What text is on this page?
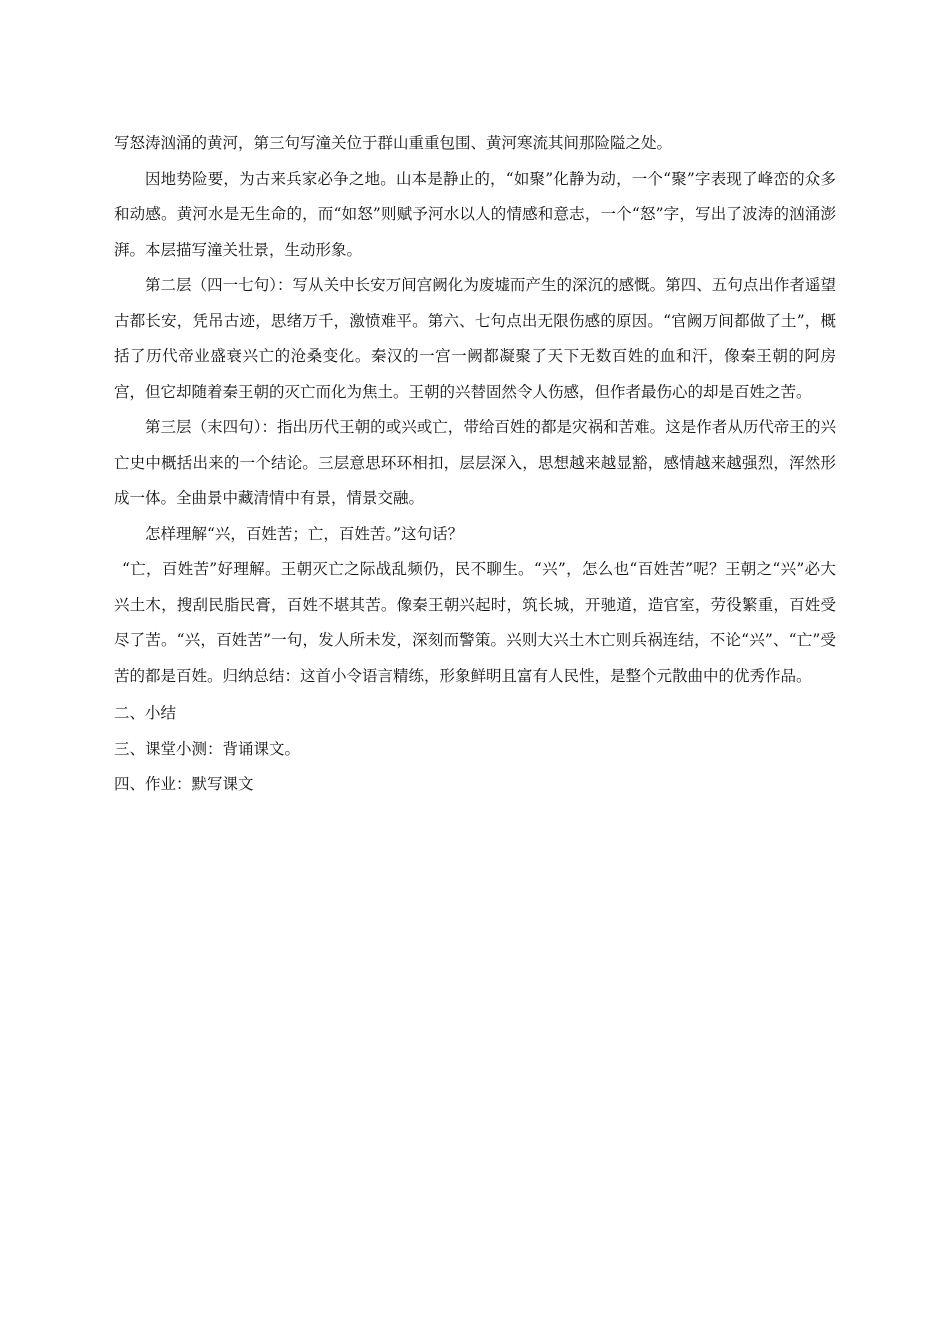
写怒涛汹涌的黄河，第三句写潼关位于群山重重包围、黄河寒流其间那险隘之处。

因地势险要，为古来兵家必争之地。山本是静止的，“如聚”化静为动，一个“聚”字表现了峰峦的众多和动感。黄河水是无生命的，而“如怒”则赋予河水以人的情感和意志，一个“怒”字，写出了波涛的汹涌澎湃。本层描写潼关壮景，生动形象。

第二层（四一七句）：写从关中长安万间宫阙化为废墟而产生的深沉的感慨。第四、五句点出作者遥望古都长安，凭吊古迹，思绪万千，激愤难平。第六、七句点出无限伤感的原因。“官阙万间都做了土”，概括了历代帝业盛衰兴亡的沧桑变化。秦汉的一宫一阙都凝聚了天下无数百姓的血和汗，像秦王朝的阿房宫，但它却随着秦王朝的灭亡而化为焦土。王朝的兴替固然令人伤感，但作者最伤心的却是百姓之苦。

第三层（末四句）：指出历代王朝的或兴或亡，带给百姓的都是灾祸和苦难。这是作者从历代帝王的兴亡史中概括出来的一个结论。三层意思环环相扣，层层深入，思想越来越显豁，感情越来越强烈，浑然形成一体。全曲景中藏清情中有景，情景交融。

怎样理解“兴，百姓苦；亡，百姓苦。”这句话？

“亡，百姓苦”好理解。王朝灭亡之际战乱频仍，民不聊生。“兴”，怎么也“百姓苦”呢？王朝之“兴”必大兴土木，搜刮民脂民膏，百姓不堪其苦。像秦王朝兴起时，筑长城，开驰道，造官室，劳役繁重，百姓受尽了苦。“兴，百姓苦”一句，发人所未发，深刻而警策。兴则大兴土木亡则兵祸连结，不论“兴”、“亡”受苦的都是百姓。归纳总结：这首小令语言精练，形象鲜明且富有人民性，是整个元散曲中的优秀作品。

二、小结

三、课堂小测：背诵课文。

四、作业：默写课文
